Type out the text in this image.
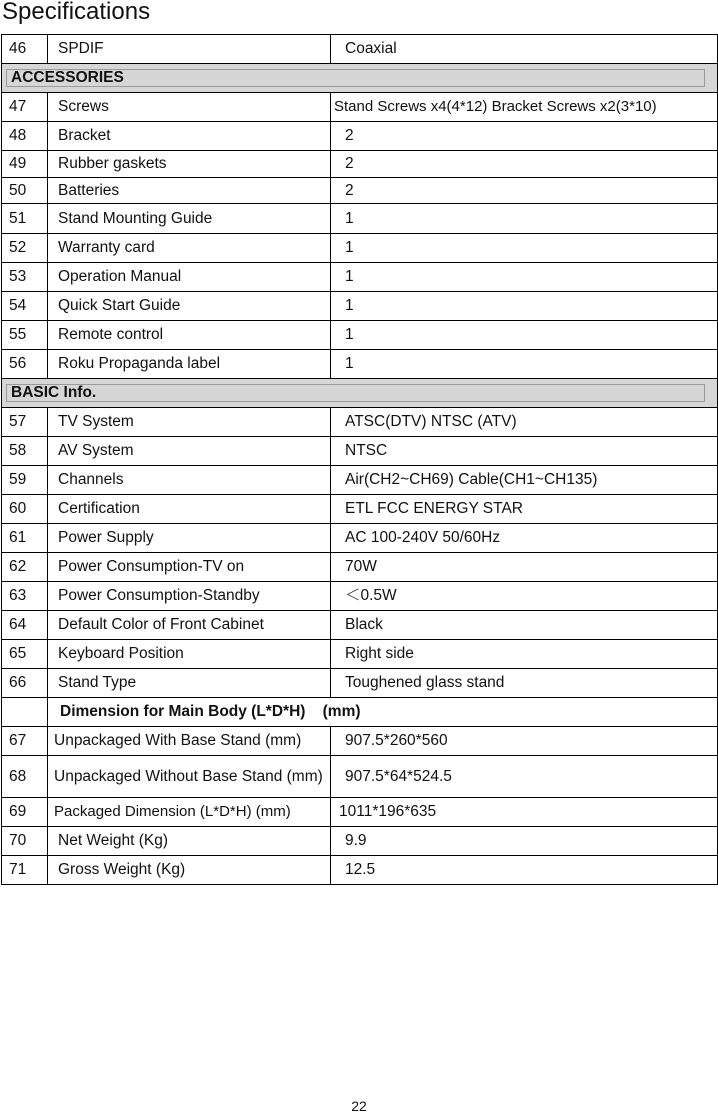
Specifications
46	SPDIF	Coaxial

ACCESSORIES		

47	Screws	Stand Screws x4(4*12) Bracket Screws x2(3*10)
48	Bracket	2
49	Rubber gaskets	2
50	Batteries	2
51	Stand Mounting Guide	1
52	Warranty card	1
53	Operation Manual	1
54	Quick Start Guide	1
55	Remote control	1
56	Roku Propaganda label	1

BASIC Info.		

57	TV System	ATSC(DTV) NTSC (ATV)
58	AV System	NTSC
59	Channels	Air(CH2~CH69) Cable(CH1~CH135)
60	Certification	ETL FCC ENERGY STAR
61	Power Supply	AC 100-240V 50/60Hz
62	Power Consumption-TV on	70W
63	Power Consumption-Standby	＜0.5W
64	Default Color of Front Cabinet	Black
65	Keyboard Position	Right side
66	Stand Type	Toughened glass stand
	Dimension for Main Body (L*D*H)    (mm)	
67	Unpackaged With Base Stand (mm)	907.5*260*560
68	Unpackaged Without Base Stand (mm)	907.5*64*524.5
69	Packaged Dimension (L*D*H) (mm)	1011*196*635
70	Net Weight (Kg)	9.9
71	Gross Weight (Kg)	12.5
22
